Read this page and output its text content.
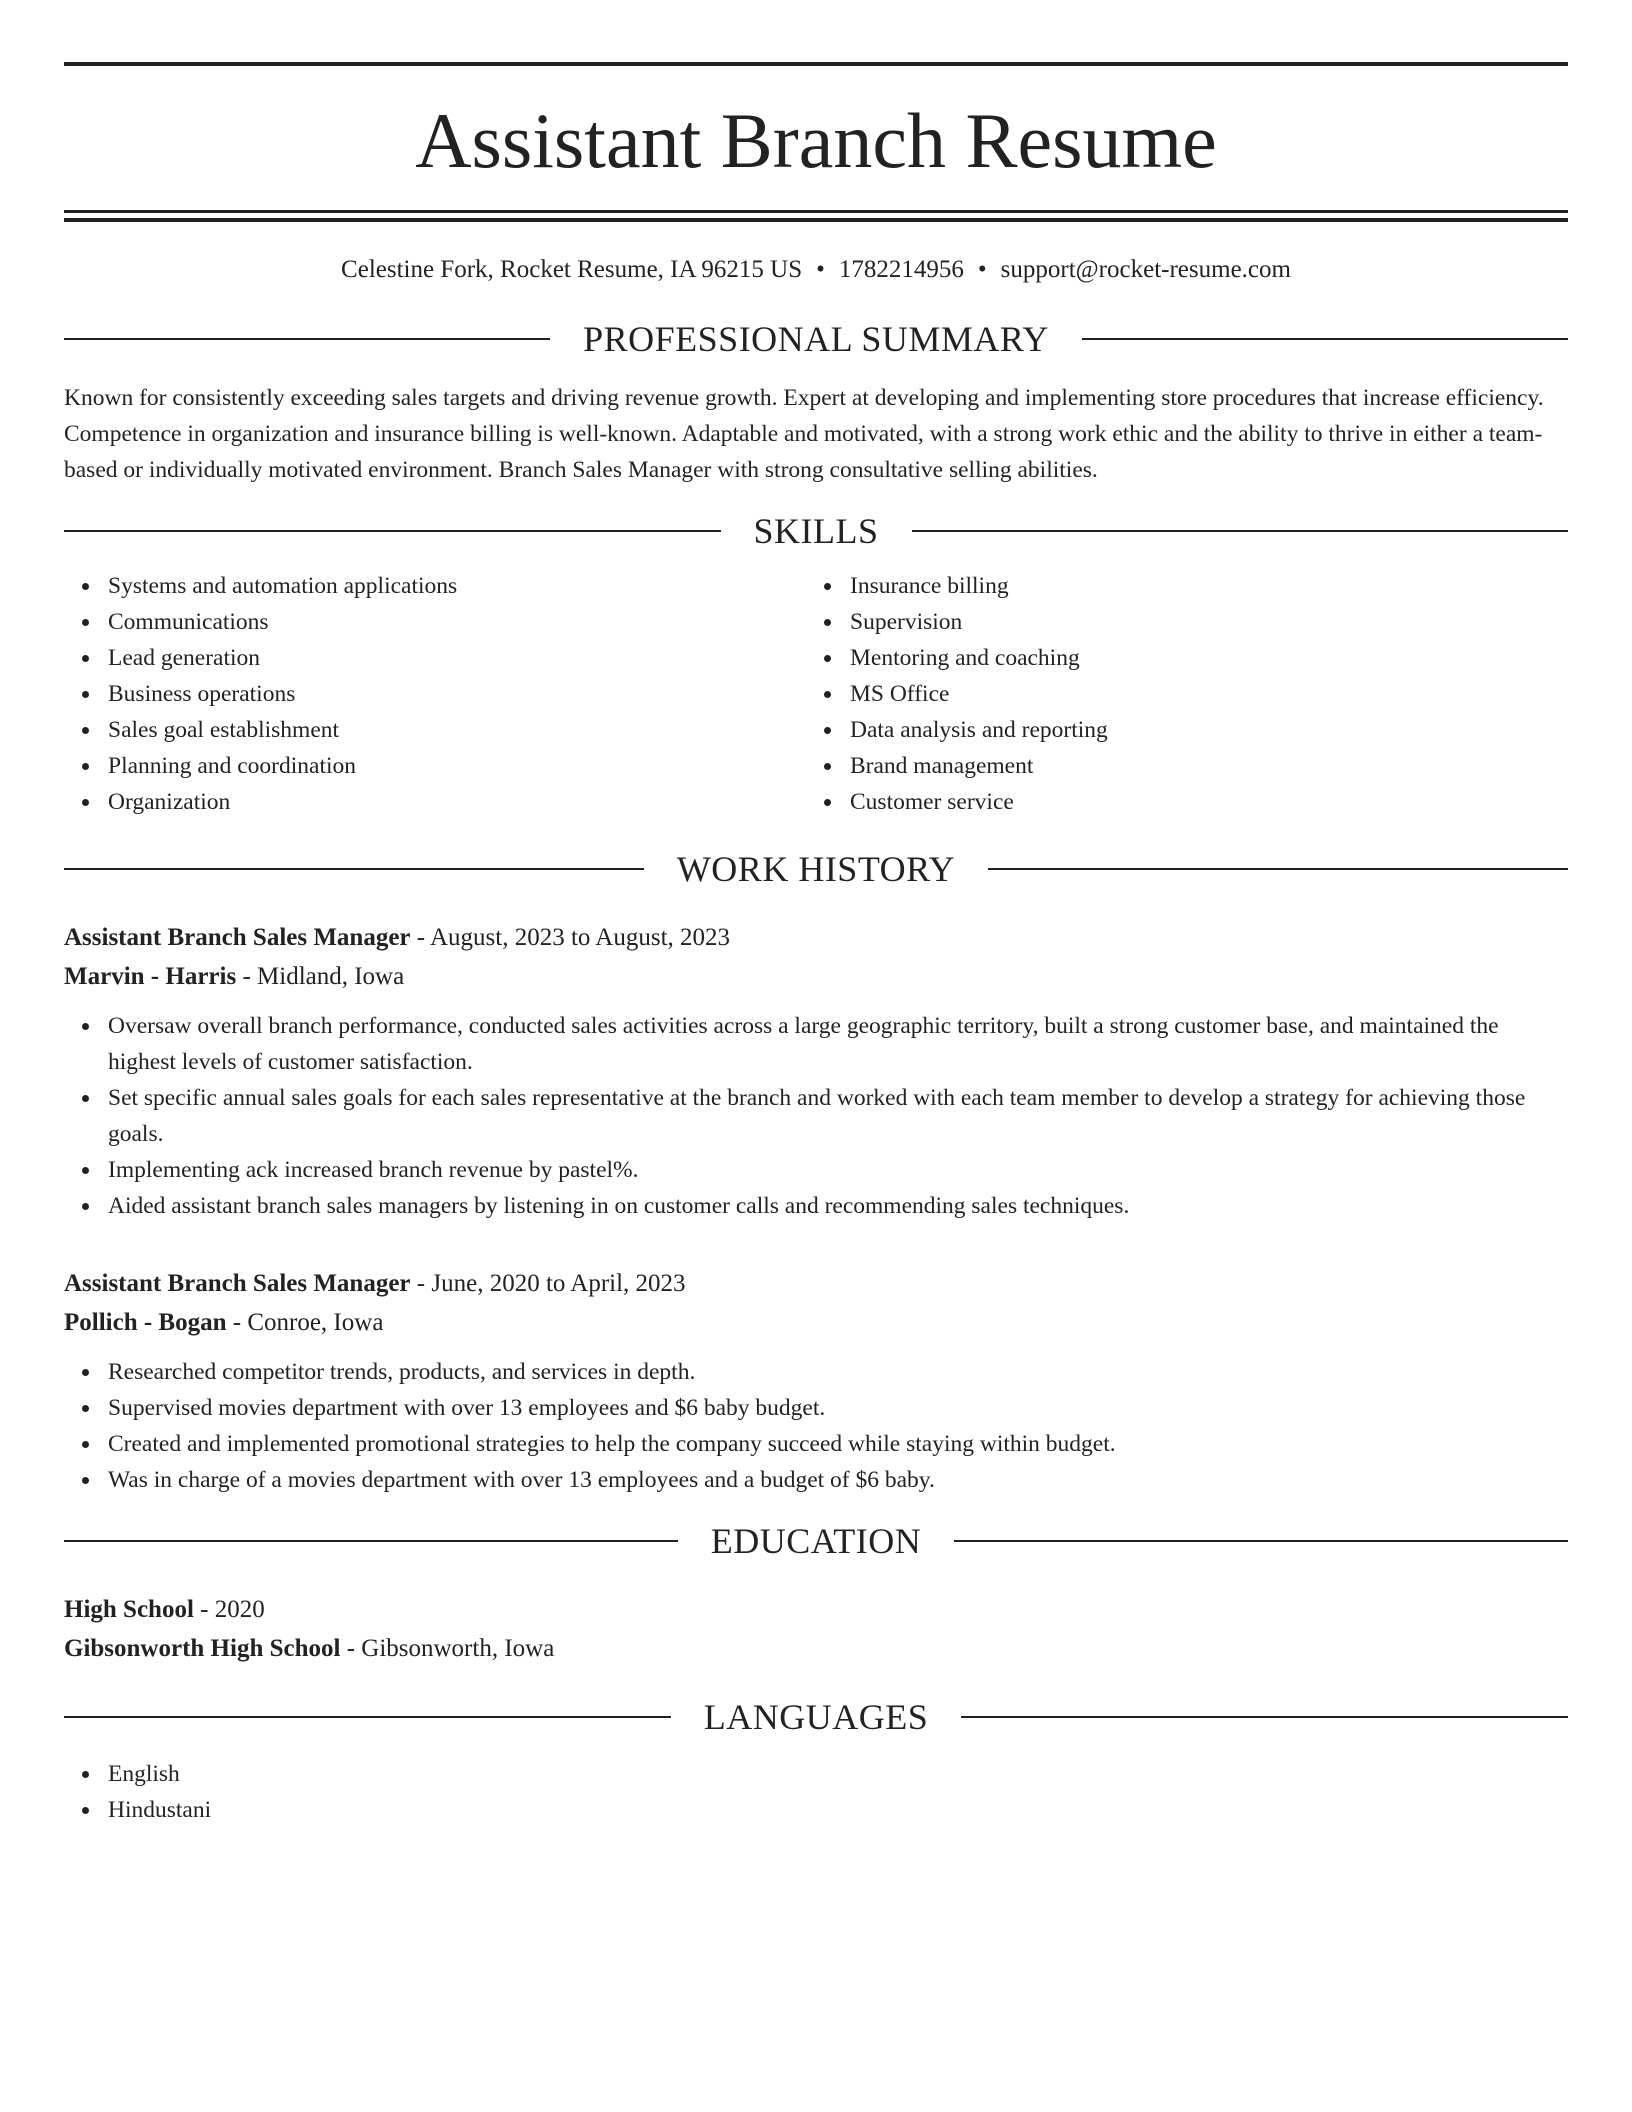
Assistant Branch Resume
Celestine Fork, Rocket Resume, IA 96215 US • 1782214956 • support@rocket-resume.com
PROFESSIONAL SUMMARY
Known for consistently exceeding sales targets and driving revenue growth. Expert at developing and implementing store procedures that increase efficiency. Competence in organization and insurance billing is well-known. Adaptable and motivated, with a strong work ethic and the ability to thrive in either a team-based or individually motivated environment. Branch Sales Manager with strong consultative selling abilities.
SKILLS
Systems and automation applications
Communications
Lead generation
Business operations
Sales goal establishment
Planning and coordination
Organization
Insurance billing
Supervision
Mentoring and coaching
MS Office
Data analysis and reporting
Brand management
Customer service
WORK HISTORY
Assistant Branch Sales Manager - August, 2023 to August, 2023
Marvin - Harris - Midland, Iowa
Oversaw overall branch performance, conducted sales activities across a large geographic territory, built a strong customer base, and maintained the highest levels of customer satisfaction.
Set specific annual sales goals for each sales representative at the branch and worked with each team member to develop a strategy for achieving those goals.
Implementing ack increased branch revenue by pastel%.
Aided assistant branch sales managers by listening in on customer calls and recommending sales techniques.
Assistant Branch Sales Manager - June, 2020 to April, 2023
Pollich - Bogan - Conroe, Iowa
Researched competitor trends, products, and services in depth.
Supervised movies department with over 13 employees and $6 baby budget.
Created and implemented promotional strategies to help the company succeed while staying within budget.
Was in charge of a movies department with over 13 employees and a budget of $6 baby.
EDUCATION
High School - 2020
Gibsonworth High School - Gibsonworth, Iowa
LANGUAGES
English
Hindustani
